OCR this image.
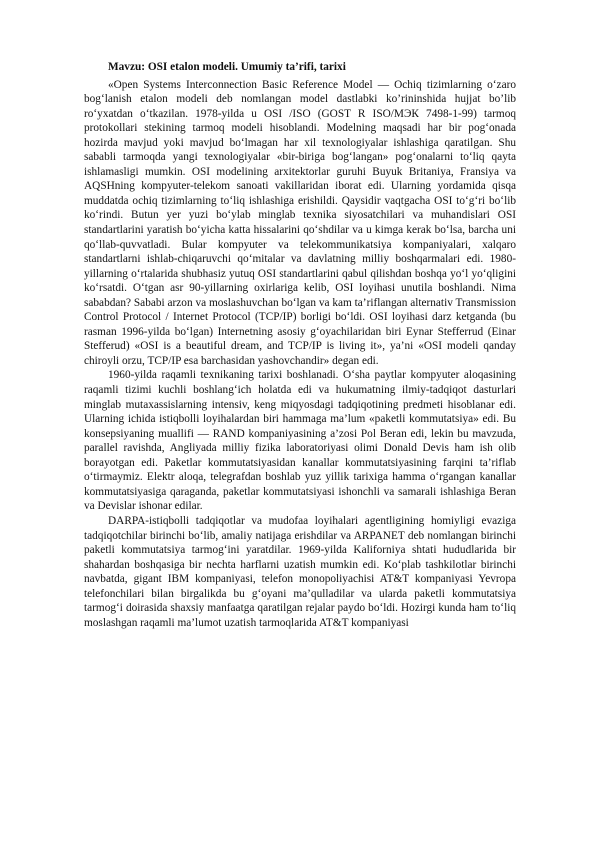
Mavzu: OSI etalon modeli. Umumiy ta’rifi, tarixi

«Open Systems Interconnection Basic Reference Model — Ochiq tizimlarning o‘zaro bog‘lanish etalon modeli deb nomlangan model dastlabki ko’rininshida hujjat bo’lib ro‘yxatdan o‘tkazilan. 1978-yilda u OSI /ISO (GOST R ISO/МЭК 7498-1-99) tarmoq protokollari stekining tarmoq modeli hisoblandi. Modelning maqsadi har bir pog‘onada hozirda mavjud yoki mavjud bo‘lmagan har xil texnologiyalar ishlashiga qaratilgan. Shu sababli tarmoqda yangi texnologiyalar «bir-biriga bog‘langan» pog‘onalarni to‘liq qayta ishlamasligi mumkin. OSI modelining arxitektorlar guruhi Buyuk Britaniya, Fransiya va AQSHning kompyuter-telekom sanoati vakillaridan iborat edi. Ularning yordamida qisqa muddatda ochiq tizimlarning to‘liq ishlashiga erishildi. Qaysidir vaqtgacha OSI to‘g‘ri bo‘lib ko‘rindi. Butun yer yuzi bo‘ylab minglab texnika siyosatchilari va muhandislari OSI standartlarini yaratish bo‘yicha katta hissalarini qo‘shdilar va u kimga kerak bo‘lsa, barcha uni qo‘llab-quvvatladi. Bular kompyuter va telekommunikatsiya kompaniyalari, xalqaro standartlarni ishlab-chiqaruvchi qo‘mitalar va davlatning milliy boshqarmalari edi. 1980-yillarning o‘rtalarida shubhasiz yutuq OSI standartlarini qabul qilishdan boshqa yo‘l yo‘qligini ko‘rsatdi. O‘tgan asr 90-yillarning oxirlariga kelib, OSI loyihasi unutila boshlandi. Nima sababdan? Sababi arzon va moslashuvchan bo‘lgan va kam ta’riflangan alternativ Transmission Control Protocol / Internet Protocol (TCP/IP) borligi bo‘ldi. OSI loyihasi darz ketganda (bu rasman 1996-yilda bo‘lgan) Internetning asosiy g‘oyachilaridan biri Eynar Stefferrud (Einar Stefferud) «OSI is a beautiful dream, and TCP/IP is living it», ya’ni «OSI modeli qanday chiroyli orzu, TCP/IP esa barchasidan yashovchandir» degan edi.

1960-yilda raqamli texnikaning tarixi boshlanadi. O‘sha paytlar kompyuter aloqasining raqamli tizimi kuchli boshlang‘ich holatda edi va hukumatning ilmiy-tadqiqot dasturlari minglab mutaxassislarning intensiv, keng miqyosdagi tadqiqotining predmeti hisoblanar edi. Ularning ichida istiqbolli loyihalardan biri hammaga ma’lum «paketli kommutatsiya» edi. Bu konsepsiyaning muallifi — RAND kompaniyasining a’zosi Pol Beran edi, lekin bu mavzuda, parallel ravishda, Angliyada milliy fizika laboratoriyasi olimi Donald Devis ham ish olib borayotgan edi. Paketlar kommutatsiyasidan kanallar kommutatsiyasining farqini ta’riflab o‘tirmaymiz. Elektr aloqa, telegrafdan boshlab yuz yillik tarixiga hamma o‘rgangan kanallar kommutatsiyasiga qaraganda, paketlar kommutatsiyasi ishonchli va samarali ishlashiga Beran va Devislar ishonar edilar.

DARPA-istiqbolli tadqiqotlar va mudofaa loyihalari agentligining homiyligi evaziga tadqiqotchilar birinchi bo‘lib, amaliy natijaga erishdilar va ARPANET deb nomlangan birinchi paketli kommutatsiya tarmog‘ini yaratdilar. 1969-yilda Kaliforniya shtati hududlarida bir shahardan boshqasiga bir nechta harflarni uzatish mumkin edi. Ko‘plab tashkilotlar birinchi navbatda, gigant IBM kompaniyasi, telefon monopoliyachisi AT&T kompaniyasi Yevropa telefonchilari bilan birgalikda bu g‘oyani ma’qulladilar va ularda paketli kommutatsiya tarmog‘i doirasida shaxsiy manfaatga qaratilgan rejalar paydo bo‘ldi. Hozirgi kunda ham to‘liq moslashgan raqamli ma’lumot uzatish tarmoqlarida AT&T kompaniyasi
